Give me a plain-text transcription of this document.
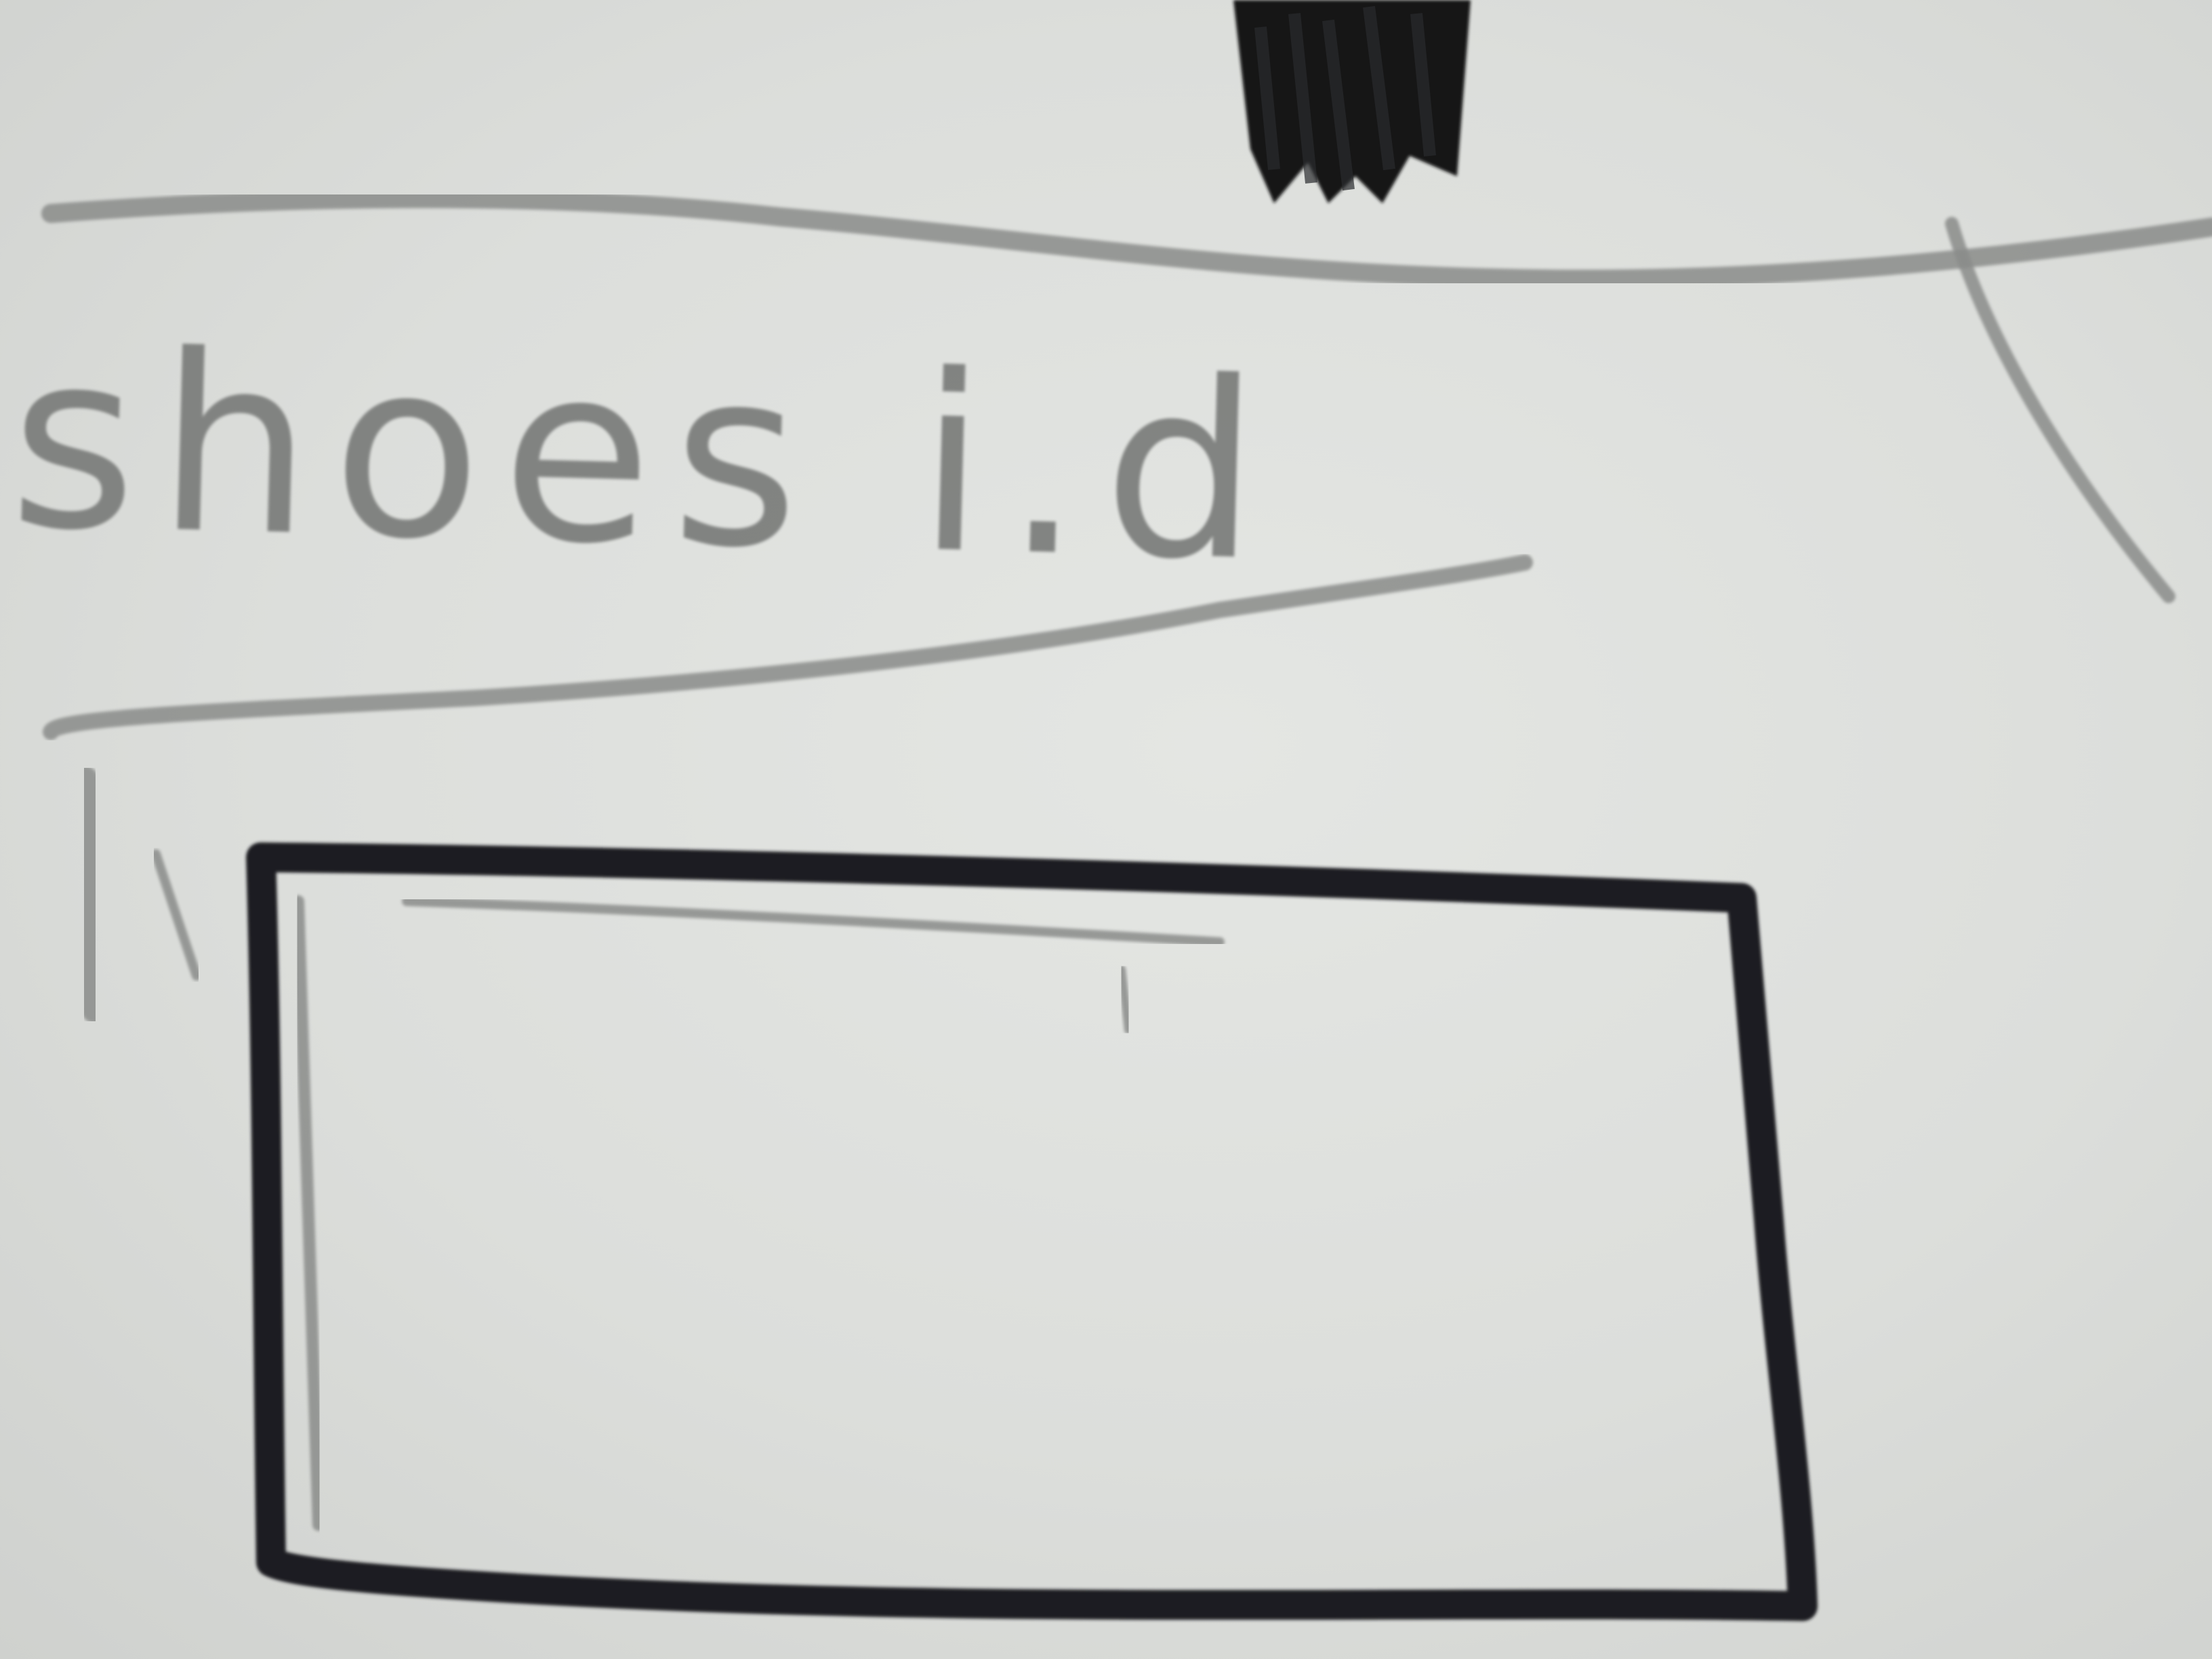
shoes i.d
